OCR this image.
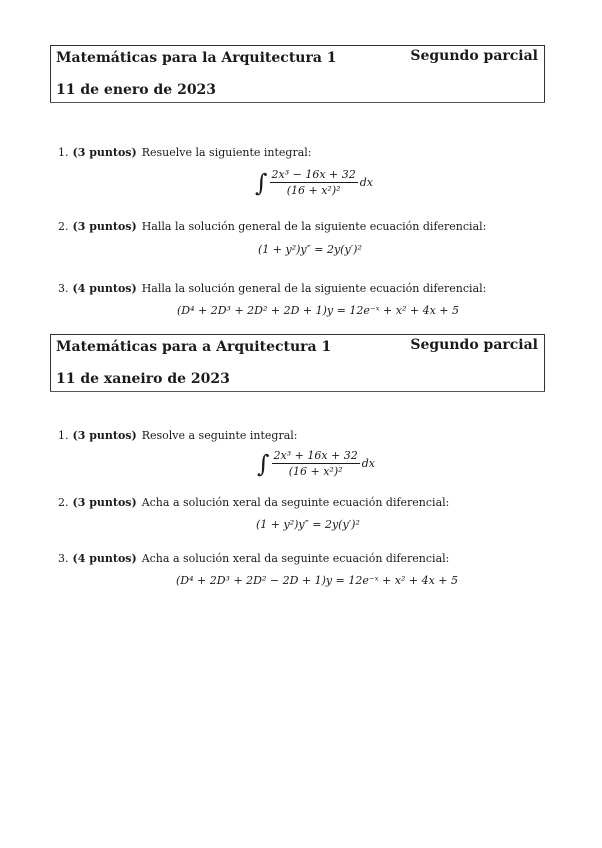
Matemáticas para la Arquitectura 1	Segundo parcial
11 de enero de 2023
1. (3 puntos) Resuelve la siguiente integral:
∫ $\frac{\text{2x³ − 16x + 32}}{\text{(16 + x²)²}}$ dx
2. (3 puntos) Halla la solución general de la siguiente ecuación diferencial:
(1 + y²)y″ = 2y(y′)²
3. (4 puntos) Halla la solución general de la siguiente ecuación diferencial:
(D⁴ + 2D³ + 2D² + 2D + 1)y = 12e⁻ˣ + x² + 4x + 5
Matemáticas para a Arquitectura 1	Segundo parcial
11 de xaneiro de 2023
1. (3 puntos) Resolve a seguinte integral:
∫ $\frac{\text{2x³ + 16x + 32}}{\text{(16 + x²)²}}$ dx
2. (3 puntos) Acha a solución xeral da seguinte ecuación diferencial:
(1 + y²)y″ = 2y(y′)²
3. (4 puntos) Acha a solución xeral da seguinte ecuación diferencial:
(D⁴ + 2D³ + 2D² − 2D + 1)y = 12e⁻ˣ + x² + 4x + 5
